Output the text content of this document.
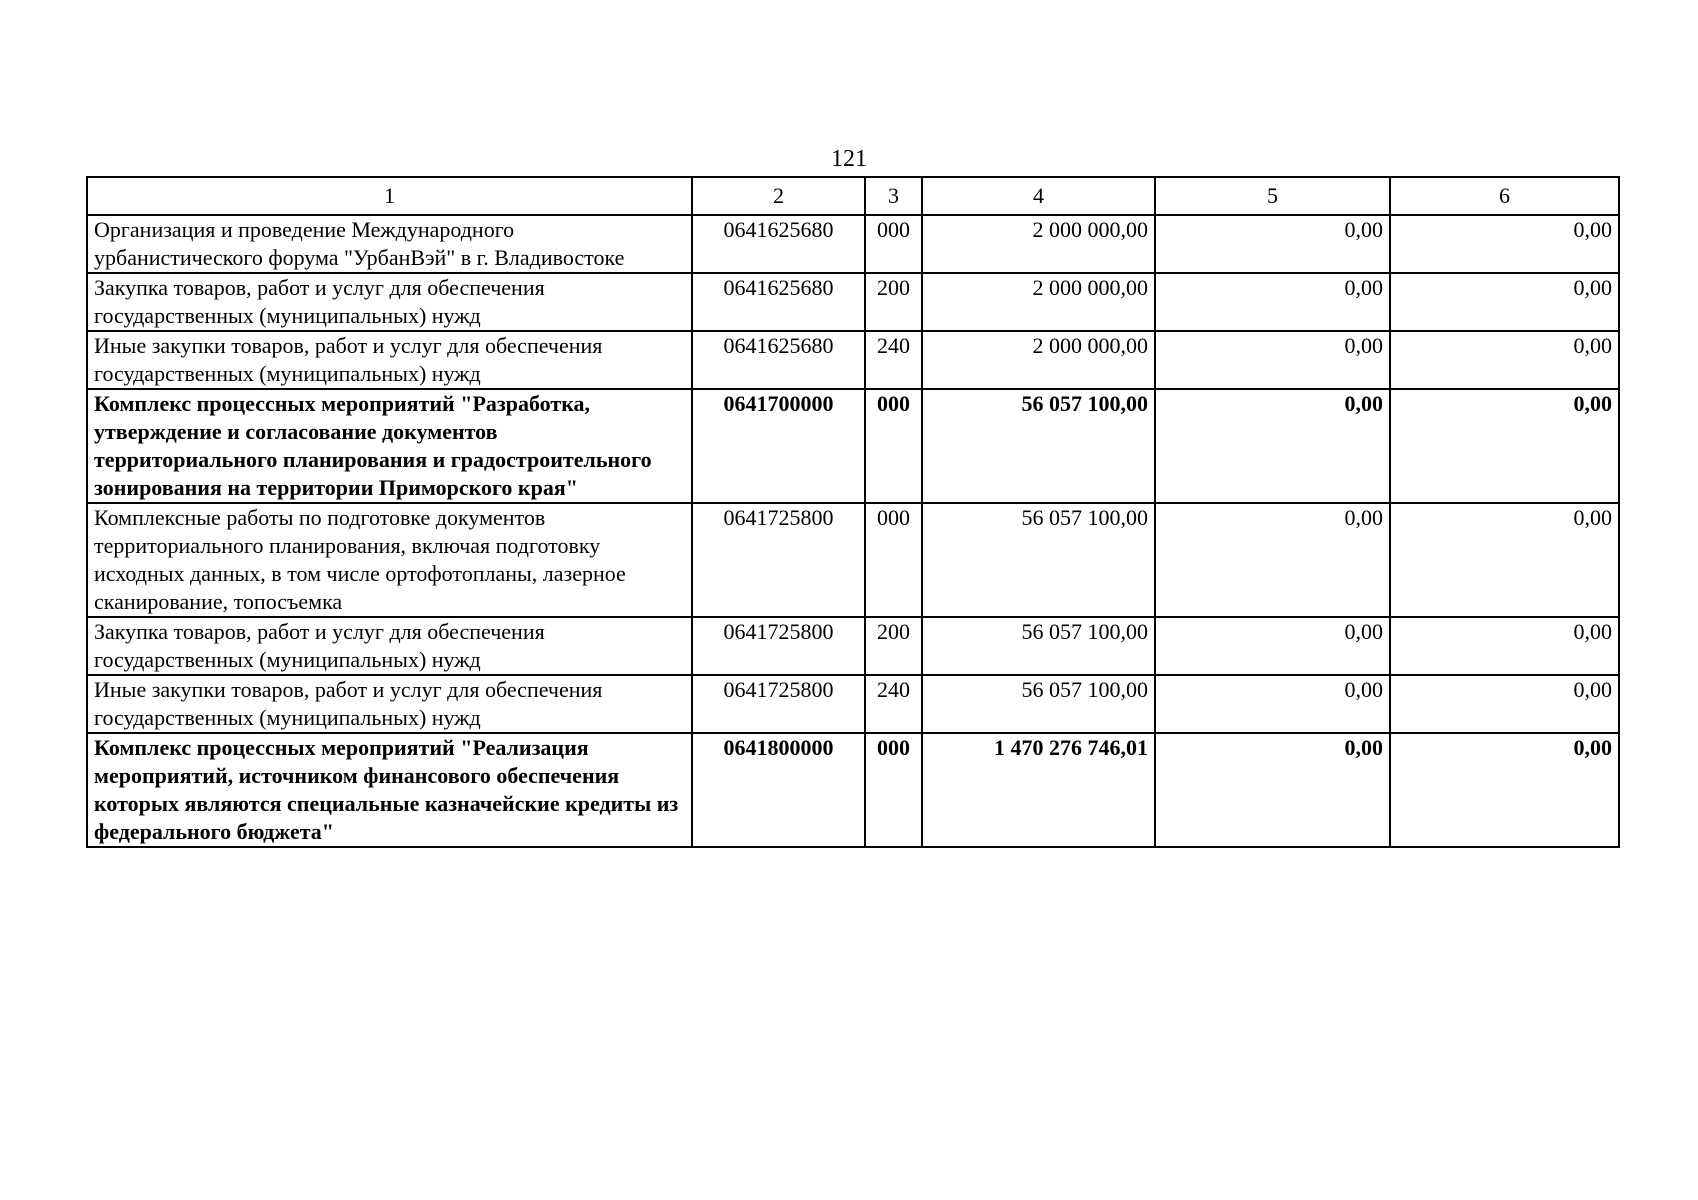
121
1	2	3	4	5	6
Организация и проведение Международного урбанистического форума "УрбанВэй" в г. Владивостоке	0641625680	000	2 000 000,00	0,00	0,00
Закупка товаров, работ и услуг для обеспечения государственных (муниципальных) нужд	0641625680	200	2 000 000,00	0,00	0,00
Иные закупки товаров, работ и услуг для обеспечения государственных (муниципальных) нужд	0641625680	240	2 000 000,00	0,00	0,00
Комплекс процессных мероприятий "Разработка, утверждение и согласование документов территориального планирования и градостроительного зонирования на территории Приморского края"	0641700000	000	56 057 100,00	0,00	0,00
Комплексные работы по подготовке документов территориального планирования, включая подготовку исходных данных, в том числе ортофотопланы, лазерное сканирование, топосъемка	0641725800	000	56 057 100,00	0,00	0,00
Закупка товаров, работ и услуг для обеспечения государственных (муниципальных) нужд	0641725800	200	56 057 100,00	0,00	0,00
Иные закупки товаров, работ и услуг для обеспечения государственных (муниципальных) нужд	0641725800	240	56 057 100,00	0,00	0,00
Комплекс процессных мероприятий "Реализация мероприятий, источником финансового обеспечения которых являются специальные казначейские кредиты из федерального бюджета"	0641800000	000	1 470 276 746,01	0,00	0,00
